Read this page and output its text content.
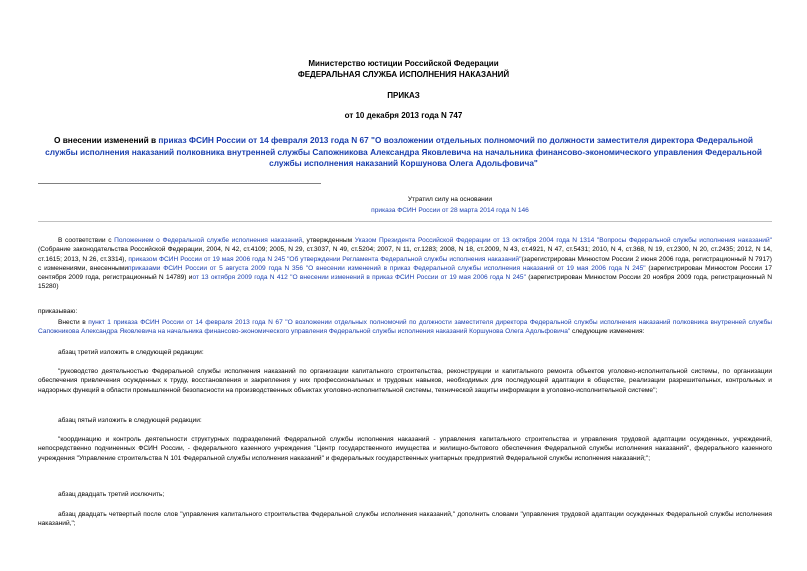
Министерство юстиции Российской Федерации
ФЕДЕРАЛЬНАЯ СЛУЖБА ИСПОЛНЕНИЯ НАКАЗАНИЙ
ПРИКАЗ
от 10 декабря 2013 года N 747
О внесении изменений в приказ ФСИН России от 14 февраля 2013 года N 67 "О возложении отдельных полномочий по должности заместителя директора Федеральной службы исполнения наказаний полковника внутренней службы Сапожникова Александра Яковлевича на начальника финансово-экономического управления Федеральной службы исполнения наказаний Коршунова Олега Адольфовича"
Утратил силу на основании
приказа ФСИН России от 28 марта 2014 года N 146
В соответствии с Положением о Федеральной службе исполнения наказаний, утвержденным Указом Президента Российской Федерации от 13 октября 2004 года N 1314 "Вопросы Федеральной службы исполнения наказаний" (Собрание законодательства Российской Федерации, 2004, N 42, ст.4109; 2005, N 29, ст.3037, N 49, ст.5204; 2007, N 11, ст.1283; 2008, N 18, ст.2009, N 43, ст.4921, N 47, ст.5431; 2010, N 4, ст.368, N 19, ст.2300, N 20, ст.2435; 2012, N 14, ст.1615; 2013, N 26, ст.3314), приказом ФСИН России от 19 мая 2006 года N 245 "Об утверждении Регламента Федеральной службы исполнения наказаний"(зарегистрирован Минюстом России 2 июня 2006 года, регистрационный N 7917) с изменениями, внесеннымиприказами ФСИН России от 5 августа 2009 года N 356 "О внесении изменений в приказ Федеральной службы исполнения наказаний от 19 мая 2006 года N 245" (зарегистрирован Минюстом России 17 сентября 2009 года, регистрационный N 14789) иот 13 октября 2009 года N 412 "О внесении изменений в приказ ФСИН России от 19 мая 2006 года N 245" (зарегистрирован Минюстом России 20 ноября 2009 года, регистрационный N 15280)
приказываю:
Внести в пункт 1 приказа ФСИН России от 14 февраля 2013 года N 67 "О возложении отдельных полномочий по должности заместителя директора Федеральной службы исполнения наказаний полковника внутренней службы Сапожникова Александра Яковлевича на начальника финансово-экономического управления Федеральной службы исполнения наказаний Коршунова Олега Адольфовича" следующие изменения:
абзац третий изложить в следующей редакции:
"руководство деятельностью Федеральной службы исполнения наказаний по организации капитального строительства, реконструкции и капитального ремонта объектов уголовно-исполнительной системы, по организации обеспечения привлечения осужденных к труду, восстановления и закрепления у них профессиональных и трудовых навыков, необходимых для последующей адаптации в обществе, реализации разрешительных, контрольных и надзорных функций в области промышленной безопасности на производственных объектах уголовно-исполнительной системы, технической защиты информации в уголовно-исполнительной системе";
абзац пятый изложить в следующей редакции:
"координацию и контроль деятельности структурных подразделений Федеральной службы исполнения наказаний - управления капитального строительства и управления трудовой адаптации осужденных, учреждений, непосредственно подчиненных ФСИН России, - федерального казенного учреждения "Центр государственного имущества и жилищно-бытового обеспечения Федеральной службы исполнения наказаний", федерального казенного учреждения "Управление строительства N 101 Федеральной службы исполнения наказаний" и федеральных государственных унитарных предприятий Федеральной службы исполнения наказаний;";
абзац двадцать третий исключить;
абзац двадцать четвертый после слов "управления капитального строительства Федеральной службы исполнения наказаний," дополнить словами "управления трудовой адаптации осужденных Федеральной службы исполнения наказаний,";
